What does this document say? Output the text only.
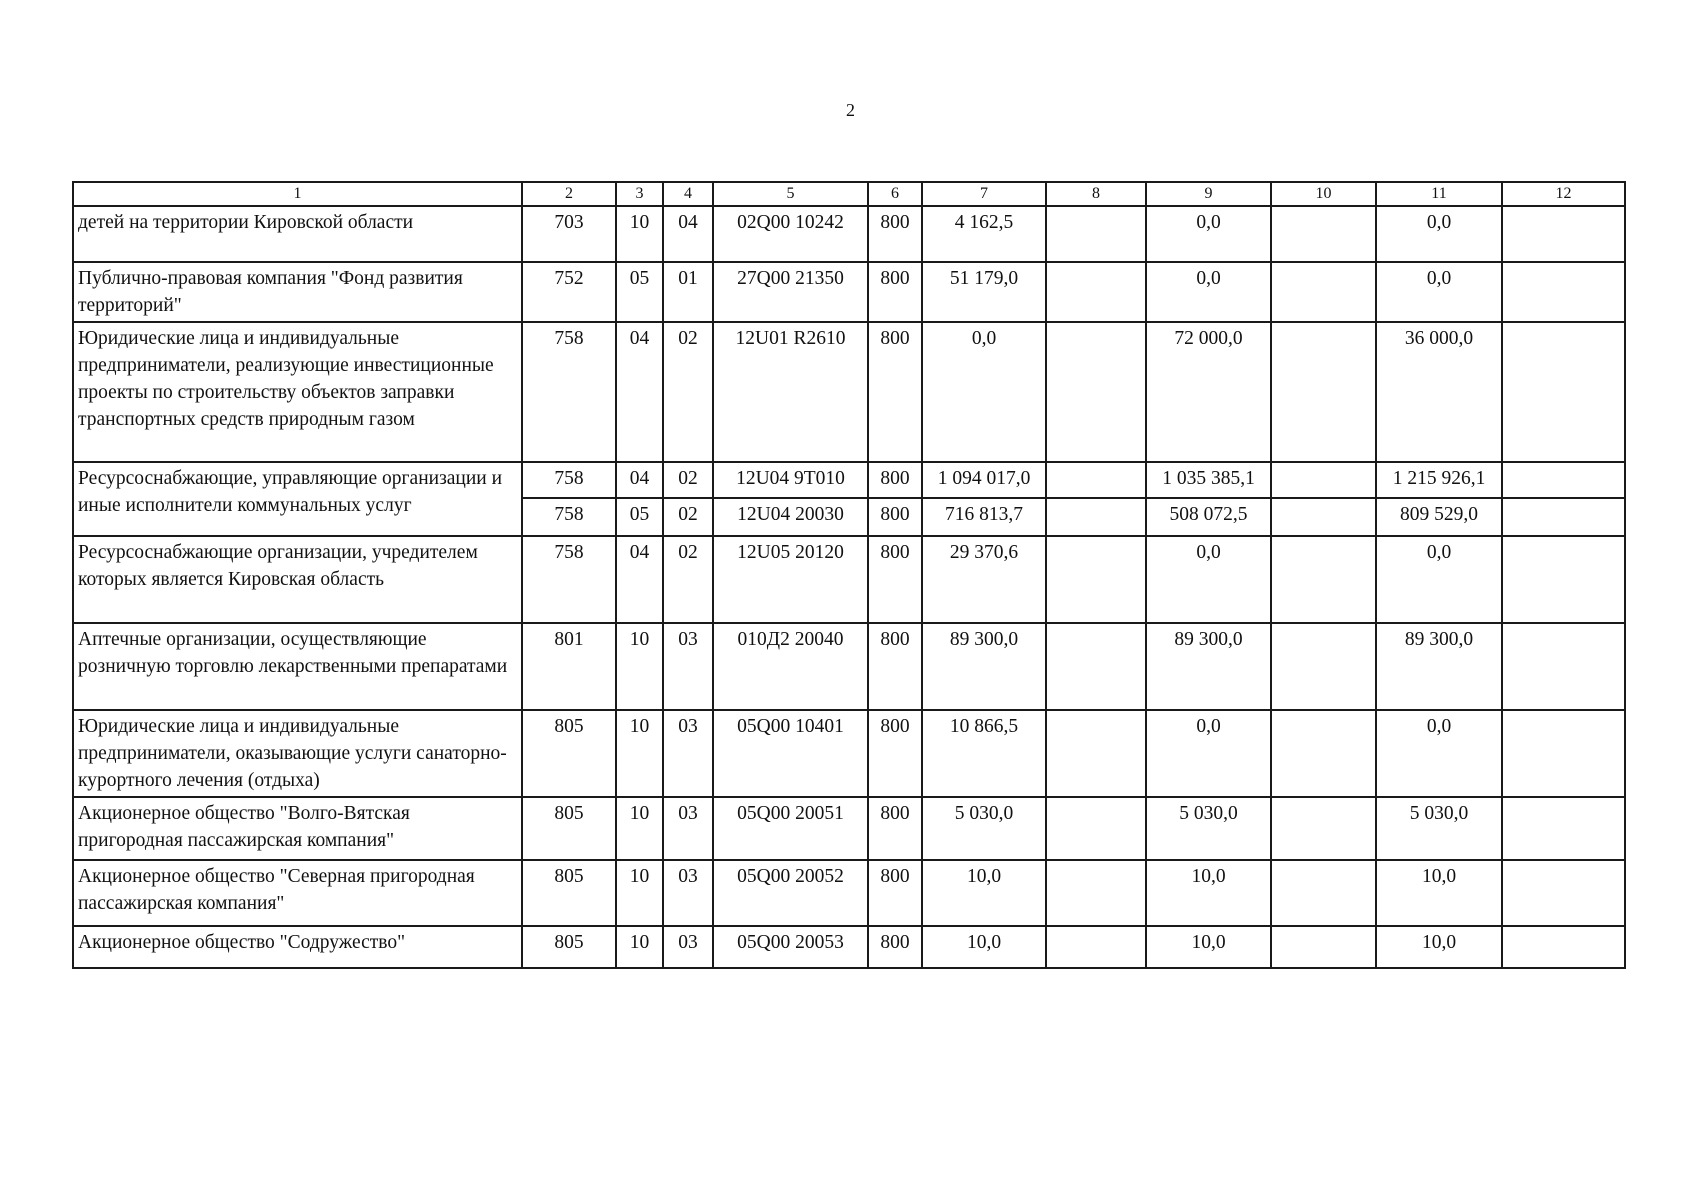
2
1	2	3	4	5	6	7	8	9	10	11	12
детей на территории Кировской области	703	10	04	02Q00 10242	800	4 162,5		0,0		0,0	
Публично-правовая компания "Фонд развития территорий"	752	05	01	27Q00 21350	800	51 179,0		0,0		0,0	
Юридические лица и индивидуальные предприниматели, реализующие инвестиционные проекты по строительству объектов заправки транспортных средств природным газом	758	04	02	12U01 R2610	800	0,0		72 000,0		36 000,0	
Ресурсоснабжающие, управляющие организации и иные исполнители коммунальных услуг	758	04	02	12U04 9T010	800	1 094 017,0		1 035 385,1		1 215 926,1	
	758	05	02	12U04 20030	800	716 813,7		508 072,5		809 529,0	
Ресурсоснабжающие организации, учредителем которых является Кировская область	758	04	02	12U05 20120	800	29 370,6		0,0		0,0	
Аптечные организации, осуществляющие розничную торговлю лекарственными препаратами	801	10	03	010Д2 20040	800	89 300,0		89 300,0		89 300,0	
Юридические лица и индивидуальные предприниматели, оказывающие услуги санаторно-курортного лечения (отдыха)	805	10	03	05Q00 10401	800	10 866,5		0,0		0,0	
Акционерное общество "Волго-Вятская пригородная пассажирская компания"	805	10	03	05Q00 20051	800	5 030,0		5 030,0		5 030,0	
Акционерное общество "Северная пригородная пассажирская компания"	805	10	03	05Q00 20052	800	10,0		10,0		10,0	
Акционерное общество "Содружество"	805	10	03	05Q00 20053	800	10,0		10,0		10,0	
